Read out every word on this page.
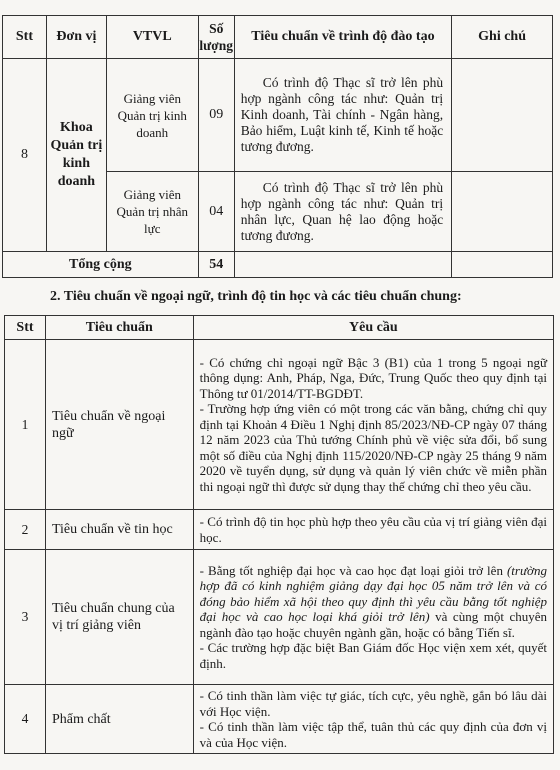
Stt	Đơn vị	VTVL	Số lượng	Tiêu chuẩn về trình độ đào tạo	Ghi chú
8	Khoa Quản trị kinh doanh	Giảng viên Quản trị kinh doanh	09	Có trình độ Thạc sĩ trở lên phù hợp ngành công tác như: Quản trị Kinh doanh, Tài chính - Ngân hàng, Bảo hiểm, Luật kinh tế, Kinh tế hoặc tương đương.	
		Giảng viên Quản trị nhân lực	04	Có trình độ Thạc sĩ trở lên phù hợp ngành công tác như: Quản trị nhân lực, Quan hệ lao động hoặc tương đương.	
Tổng cộng			54		
2. Tiêu chuẩn về ngoại ngữ, trình độ tin học và các tiêu chuẩn chung:
Stt	Tiêu chuẩn	Yêu cầu
1	Tiêu chuẩn về ngoại ngữ	- Có chứng chỉ ngoại ngữ Bậc 3 (B1) của 1 trong 5 ngoại ngữ thông dụng: Anh, Pháp, Nga, Đức, Trung Quốc theo quy định tại Thông tư 01/2014/TT-BGDĐT.

- Trường hợp ứng viên có một trong các văn bằng, chứng chỉ quy định tại Khoản 4 Điều 1 Nghị định 85/2023/NĐ-CP ngày 07 tháng 12 năm 2023 của Thủ tướng Chính phủ về việc sửa đổi, bổ sung một số điều của Nghị định 115/2020/NĐ-CP ngày 25 tháng 9 năm 2020 về tuyển dụng, sử dụng và quản lý viên chức về miễn phần thi ngoại ngữ thì được sử dụng thay thế chứng chỉ theo yêu cầu.

2	Tiêu chuẩn về tin học	- Có trình độ tin học phù hợp theo yêu cầu của vị trí giảng viên đại học.

3	Tiêu chuẩn chung của vị trí giảng viên	- Bằng tốt nghiệp đại học và cao học đạt loại giỏi trở lên (trường hợp đã có kinh nghiệm giảng dạy đại học 05 năm trở lên và có đóng bảo hiểm xã hội theo quy định thì yêu cầu bằng tốt nghiệp đại học và cao học loại khá giỏi trở lên) và cùng một chuyên ngành đào tạo hoặc chuyên ngành gần, hoặc có bằng Tiến sĩ.

- Các trường hợp đặc biệt Ban Giám đốc Học viện xem xét, quyết định.

4	Phẩm chất	- Có tinh thần làm việc tự giác, tích cực, yêu nghề, gắn bó lâu dài với Học viện.

- Có tinh thần làm việc tập thể, tuân thủ các quy định của đơn vị và của Học viện.
